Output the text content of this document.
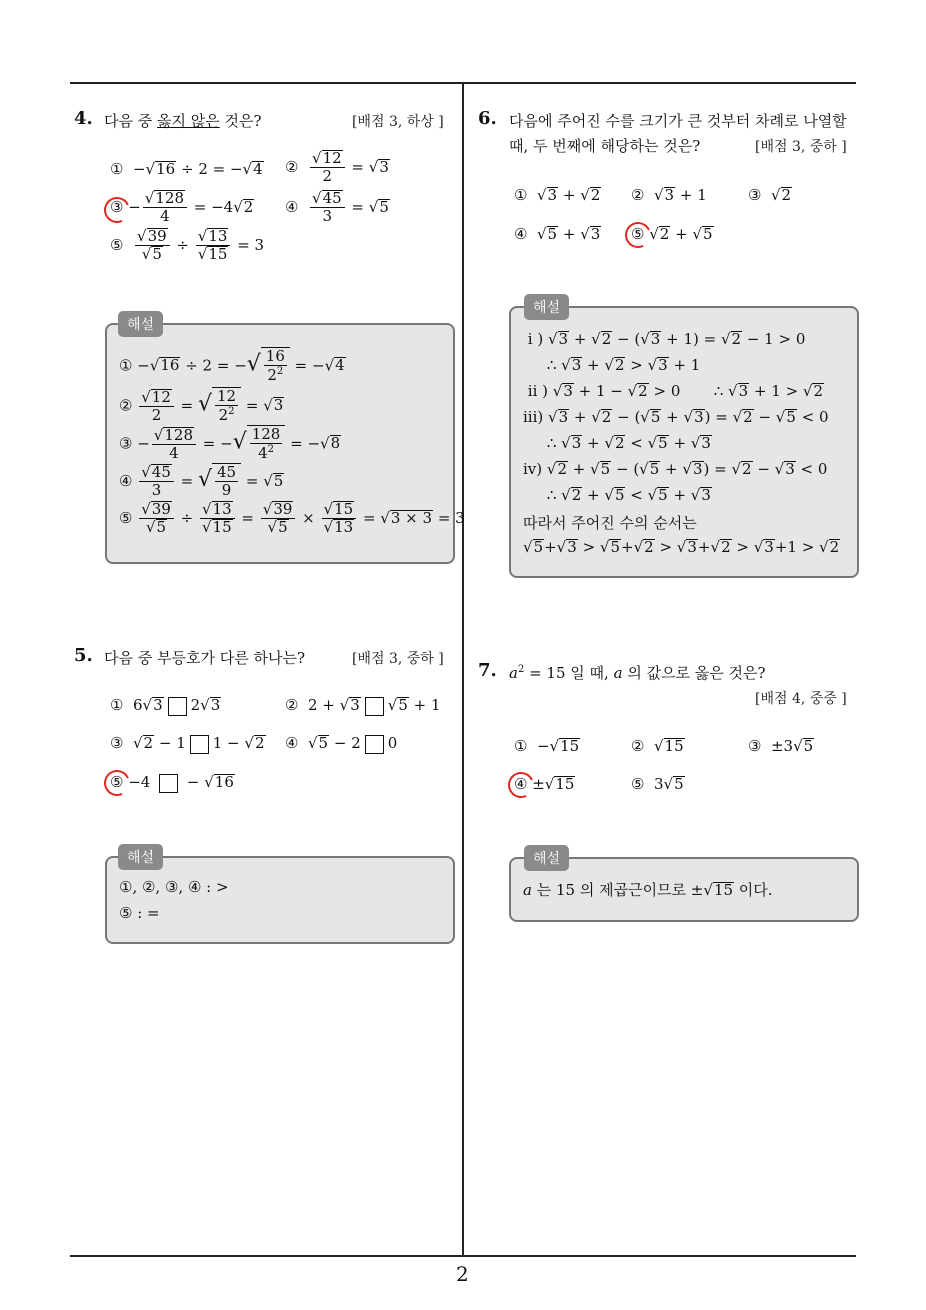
2
4. 다음 중 옳지 않은 것은?	[배점 3, 하상 ]
①  −√16 ÷ 2 = −√4 ② $\frac{√12}{2} = √3$
③ − $\frac{√128}{4} = -4√2$ ④ $\frac{√45}{3} = √5$
⑤ $\frac{√39}{√5} \div \frac{√13}{√15} = 3$
① −√16 ÷ 2 = −√ $\frac{16}{2^2} = -√4$
② $\frac{√12}{2}$ = √ $\frac{12}{2^2} = √3$
③ − $\frac{√128}{4}$ = −√ $\frac{128}{4^2} = -√8$
④ $\frac{√45}{3}$ = √ $\frac{45}{9} = √5$
⑤ $\frac{√39}{√5} \div \frac{√13}{√15} = \frac{√39}{√5} \times \frac{√15}{√13} = √3 \times 3 = 3$
해설
5. 다음 중 부등호가 다른 하나는?	[배점 3, 중하 ]
①  6√3 2√3	②  2 + √3 √5 + 1
③  √2 − 1 1 − √2 ④  √5 − 2 0
⑤ −4  − √16
①, ②, ③, ④ : >
⑤ : =
해설
6. 다음에 주어진 수를 크기가 큰 것부터 차례로 나열할
때, 두 번째에 해당하는 것은?	[배점 3, 중하 ]
①  √3 + √2 ②  √3 + 1	③  √2
④  √5 + √3 ⑤ √2 + √5
i ) √3 + √2 − (√3 + 1) = √2 − 1 > 0
∴ √3 + √2 > √3 + 1
ii ) √3 + 1 − √2 > 0       ∴ √3 + 1 > √2
iii) √3 + √2 − (√5 + √3) = √2 − √5 < 0
∴ √3 + √2 < √5 + √3
iv) √2 + √5 − (√5 + √3) = √2 − √3 < 0
∴ √2 + √5 < √5 + √3
따라서 주어진 수의 순서는
√5+√3 > √5+√2 > √3+√2 > √3+1 > √2
해설
7. $a^2 = 15$ 일 때, a 의 값으로 옳은 것은?
[배점 4, 중중 ]
①  −√15	②  √15	③  ±3√5
④ ±√15	⑤  3√5
a 는 15 의 제곱근이므로 ±√15 이다.
해설
